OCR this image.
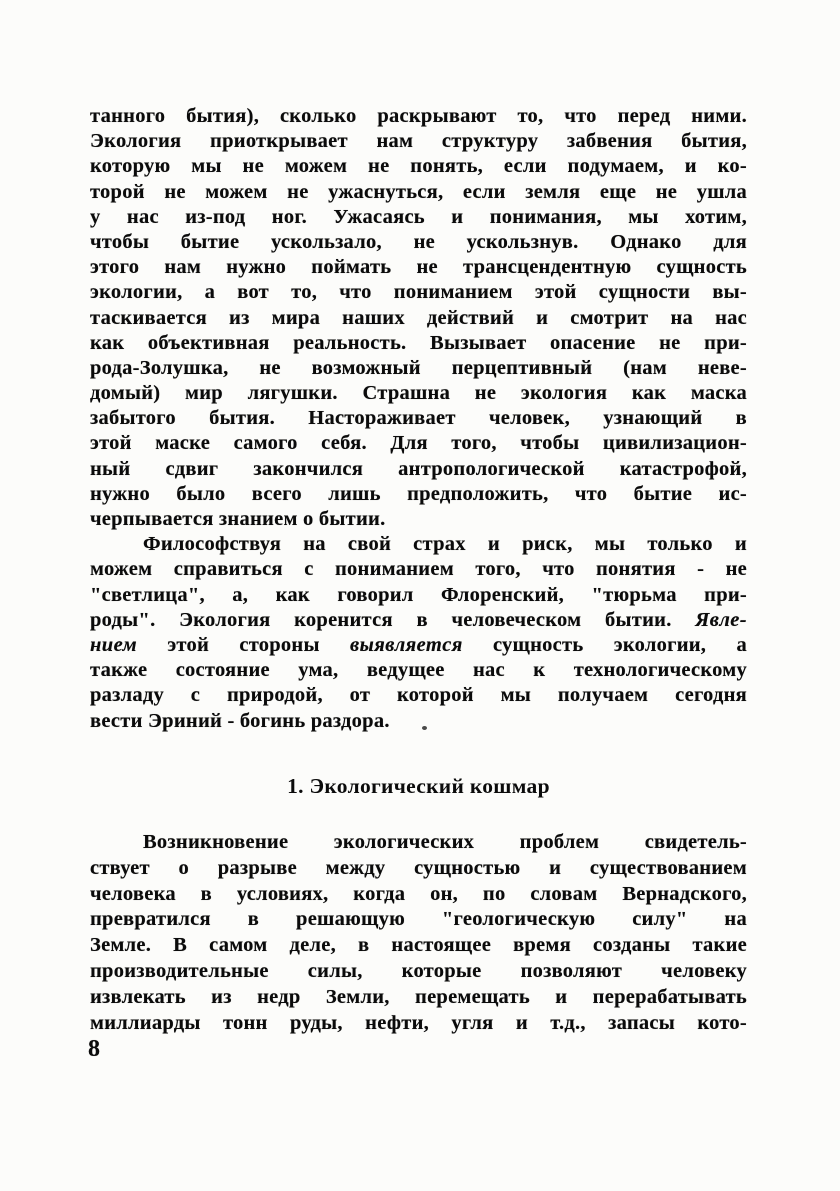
танного бытия), сколько раскрывают то, что перед ними.
Экология приоткрывает нам структуру забвения бытия,
которую мы не можем не понять, если подумаем, и ко-
торой не можем не ужаснуться, если земля еще не ушла
у нас из-под ног. Ужасаясь и понимания, мы хотим,
чтобы бытие ускользало, не ускользнув. Однако для
этого нам нужно поймать не трансцендентную сущность
экологии, а вот то, что пониманием этой сущности вы-
таскивается из мира наших действий и смотрит на нас
как объективная реальность. Вызывает опасение не при-
рода-Золушка, не возможный перцептивный (нам неве-
домый) мир лягушки. Страшна не экология как маска
забытого бытия. Настораживает человек, узнающий в
этой маске самого себя. Для того, чтобы цивилизацион-
ный сдвиг закончился антропологической катастрофой,
нужно было всего лишь предположить, что бытие ис-
черпывается знанием о бытии.
Философствуя на свой страх и риск, мы только и
можем справиться с пониманием того, что понятия - не
"светлица", а, как говорил Флоренский, "тюрьма при-
роды". Экология коренится в человеческом бытии. Явле-
нием этой стороны выявляется сущность экологии, а
также состояние ума, ведущее нас к технологическому
разладу с природой, от которой мы получаем сегодня
вести Эриний - богинь раздора.
1. Экологический кошмар
Возникновение экологических проблем свидетель-
ствует о разрыве между сущностью и существованием
человека в условиях, когда он, по словам Вернадского,
превратился в решающую "геологическую силу" на
Земле. В самом деле, в настоящее время созданы такие
производительные силы, которые позволяют человеку
извлекать из недр Земли, перемещать и перерабатывать
миллиарды тонн руды, нефти, угля и т.д., запасы кото-
8
